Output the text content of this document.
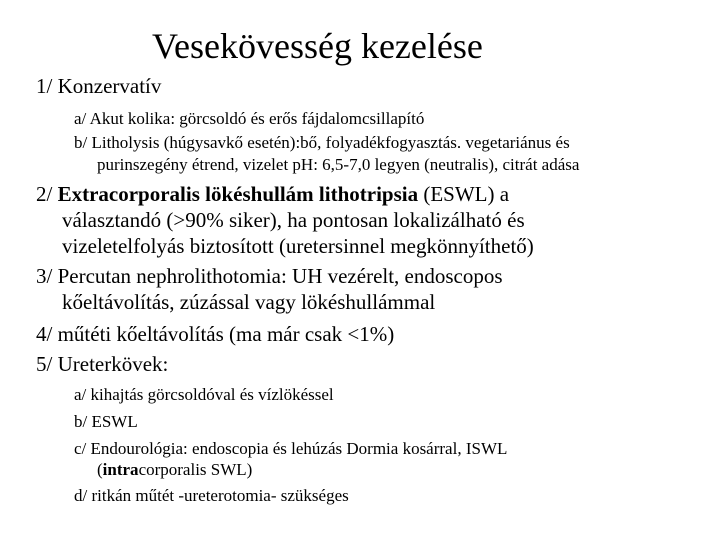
Vesekövesség kezelése
1/ Konzervatív
a/ Akut kolika: görcsoldó és erős fájdalomcsillapító
b/ Litholysis (húgysavkő esetén):bő, folyadékfogyasztás. vegetariánus és
purinszegény étrend, vizelet pH: 6,5-7,0 legyen (neutralis), citrát adása
2/ Extracorporalis lökéshullám lithotripsia (ESWL) a
választandó (>90% siker), ha pontosan lokalizálható és
vizeletelfolyás biztosított (uretersinnel megkönnyíthető)
3/ Percutan nephrolithotomia: UH vezérelt, endoscopos
kőeltávolítás, zúzással vagy lökéshullámmal
4/ műtéti kőeltávolítás (ma már csak <1%)
5/ Ureterkövek:
a/ kihajtás görcsoldóval és vízlökéssel
b/ ESWL
c/ Endourológia: endoscopia és lehúzás Dormia kosárral, ISWL
(intracorporalis SWL)
d/ ritkán műtét -ureterotomia- szükséges
